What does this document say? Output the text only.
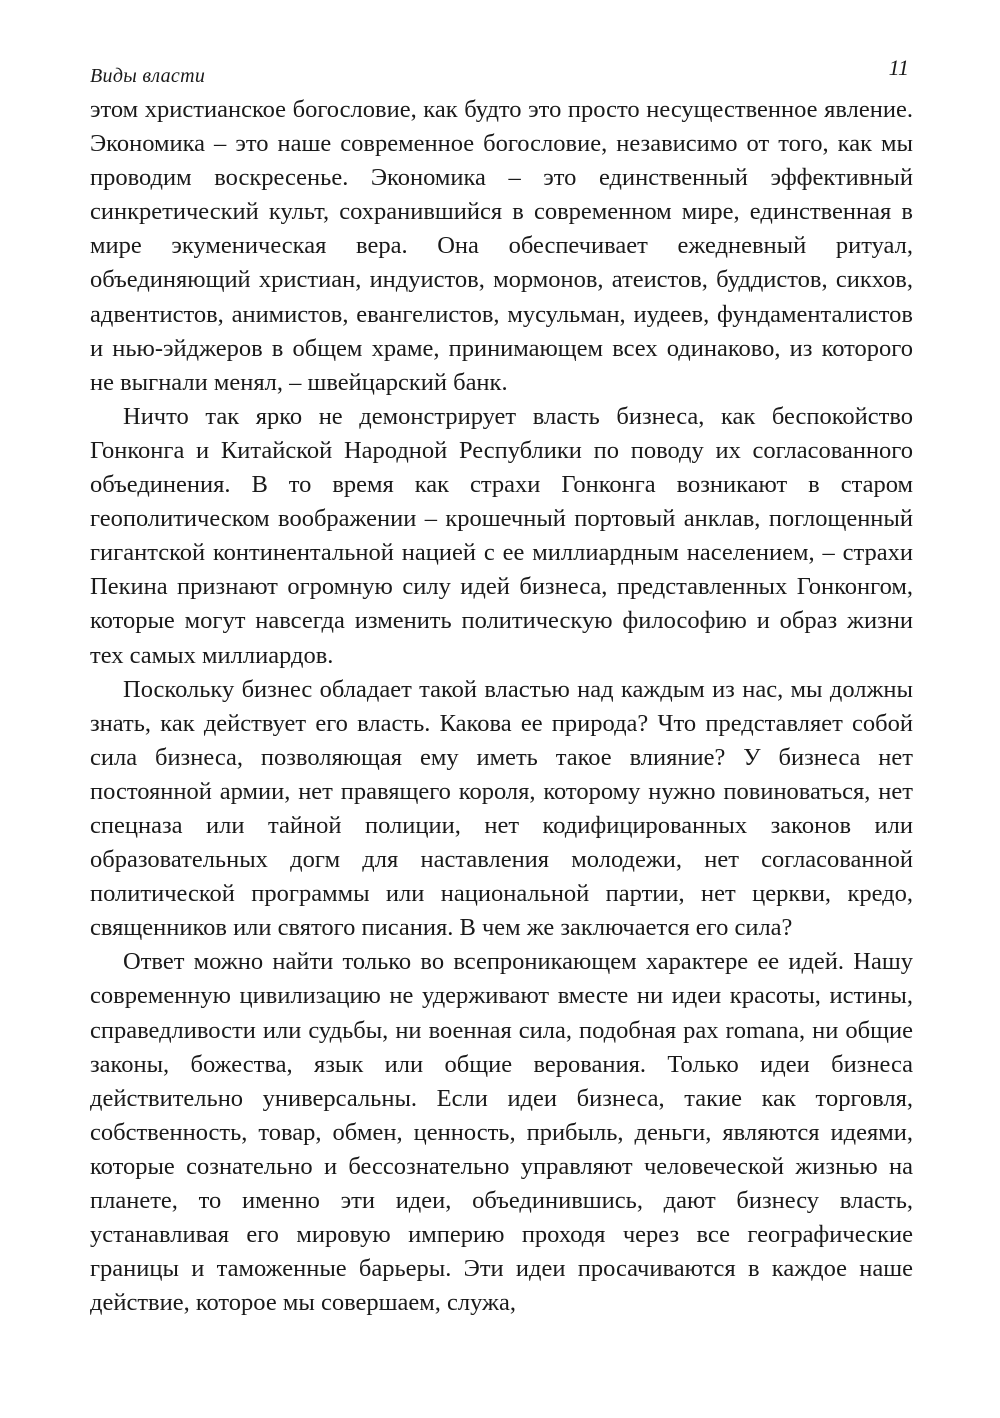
Виды власти	11

этом христианское богословие, как будто это просто несущественное явление. Экономика – это наше современное богословие, независимо от того, как мы проводим воскресенье. Экономика – это единственный эффективный синкретический культ, сохранившийся в современном мире, единственная в мире экуменическая вера. Она обеспечивает ежедневный ритуал, объединяющий христиан, индуистов, мормонов, атеистов, буддистов, сикхов, адвентистов, анимистов, евангелистов, мусульман, иудеев, фундаменталистов и нью-эйджеров в общем храме, принимающем всех одинаково, из которого не выгнали менял, – швейцарский банк.

Ничто так ярко не демонстрирует власть бизнеса, как беспокойство Гонконга и Китайской Народной Республики по поводу их согласованного объединения. В то время как страхи Гонконга возникают в старом геополитическом воображении – крошечный портовый анклав, поглощенный гигантской континентальной нацией с ее миллиардным населением, – страхи Пекина признают огромную силу идей бизнеса, представленных Гонконгом, которые могут навсегда изменить политическую философию и образ жизни тех самых миллиардов.

Поскольку бизнес обладает такой властью над каждым из нас, мы должны знать, как действует его власть. Какова ее природа? Что представляет собой сила бизнеса, позволяющая ему иметь такое влияние? У бизнеса нет постоянной армии, нет правящего короля, которому нужно повиноваться, нет спецназа или тайной полиции, нет кодифицированных законов или образовательных догм для наставления молодежи, нет согласованной политической программы или национальной партии, нет церкви, кредо, священников или святого писания. В чем же заключается его сила?

Ответ можно найти только во всепроникающем характере ее идей. Нашу современную цивилизацию не удерживают вместе ни идеи красоты, истины, справедливости или судьбы, ни военная сила, подобная pax romana, ни общие законы, божества, язык или общие верования. Только идеи бизнеса действительно универсальны. Если идеи бизнеса, такие как торговля, собственность, товар, обмен, ценность, прибыль, деньги, являются идеями, которые сознательно и бессознательно управляют человеческой жизнью на планете, то именно эти идеи, объединившись, дают бизнесу власть, устанавливая его мировую империю проходя через все географические границы и таможенные барьеры. Эти идеи просачиваются в каждое наше действие, которое мы совершаем, служа,
